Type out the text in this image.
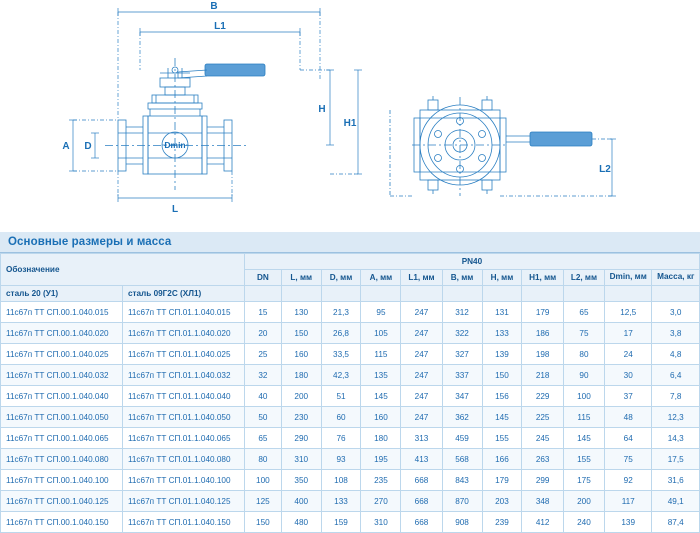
B
L1
H
H1
A D	Dmin
L
L2
Основные размеры и масса
Обозначение		PN40										
		DN	L, мм	D, мм	A, мм	L1, мм	B, мм	H, мм	H1, мм	L2, мм	Dmin, мм	Масса, кг
сталь 20 (У1)	сталь 09Г2С (ХЛ1)											
11с67п ТТ СП.00.1.040.015	11с67п ТТ СП.01.1.040.015	15	130	21,3	95	247	312	131	179	65	12,5	3,0
11с67п ТТ СП.00.1.040.020	11с67п ТТ СП.01.1.040.020	20	150	26,8	105	247	322	133	186	75	17	3,8
11с67п ТТ СП.00.1.040.025	11с67п ТТ СП.01.1.040.025	25	160	33,5	115	247	327	139	198	80	24	4,8
11с67п ТТ СП.00.1.040.032	11с67п ТТ СП.01.1.040.032	32	180	42,3	135	247	337	150	218	90	30	6,4
11с67п ТТ СП.00.1.040.040	11с67п ТТ СП.01.1.040.040	40	200	51	145	247	347	156	229	100	37	7,8
11с67п ТТ СП.00.1.040.050	11с67п ТТ СП.01.1.040.050	50	230	60	160	247	362	145	225	115	48	12,3
11с67п ТТ СП.00.1.040.065	11с67п ТТ СП.01.1.040.065	65	290	76	180	313	459	155	245	145	64	14,3
11с67п ТТ СП.00.1.040.080	11с67п ТТ СП.01.1.040.080	80	310	93	195	413	568	166	263	155	75	17,5
11с67п ТТ СП.00.1.040.100	11с67п ТТ СП.01.1.040.100	100	350	108	235	668	843	179	299	175	92	31,6
11с67п ТТ СП.00.1.040.125	11с67п ТТ СП.01.1.040.125	125	400	133	270	668	870	203	348	200	117	49,1
11с67п ТТ СП.00.1.040.150	11с67п ТТ СП.01.1.040.150	150	480	159	310	668	908	239	412	240	139	87,4
